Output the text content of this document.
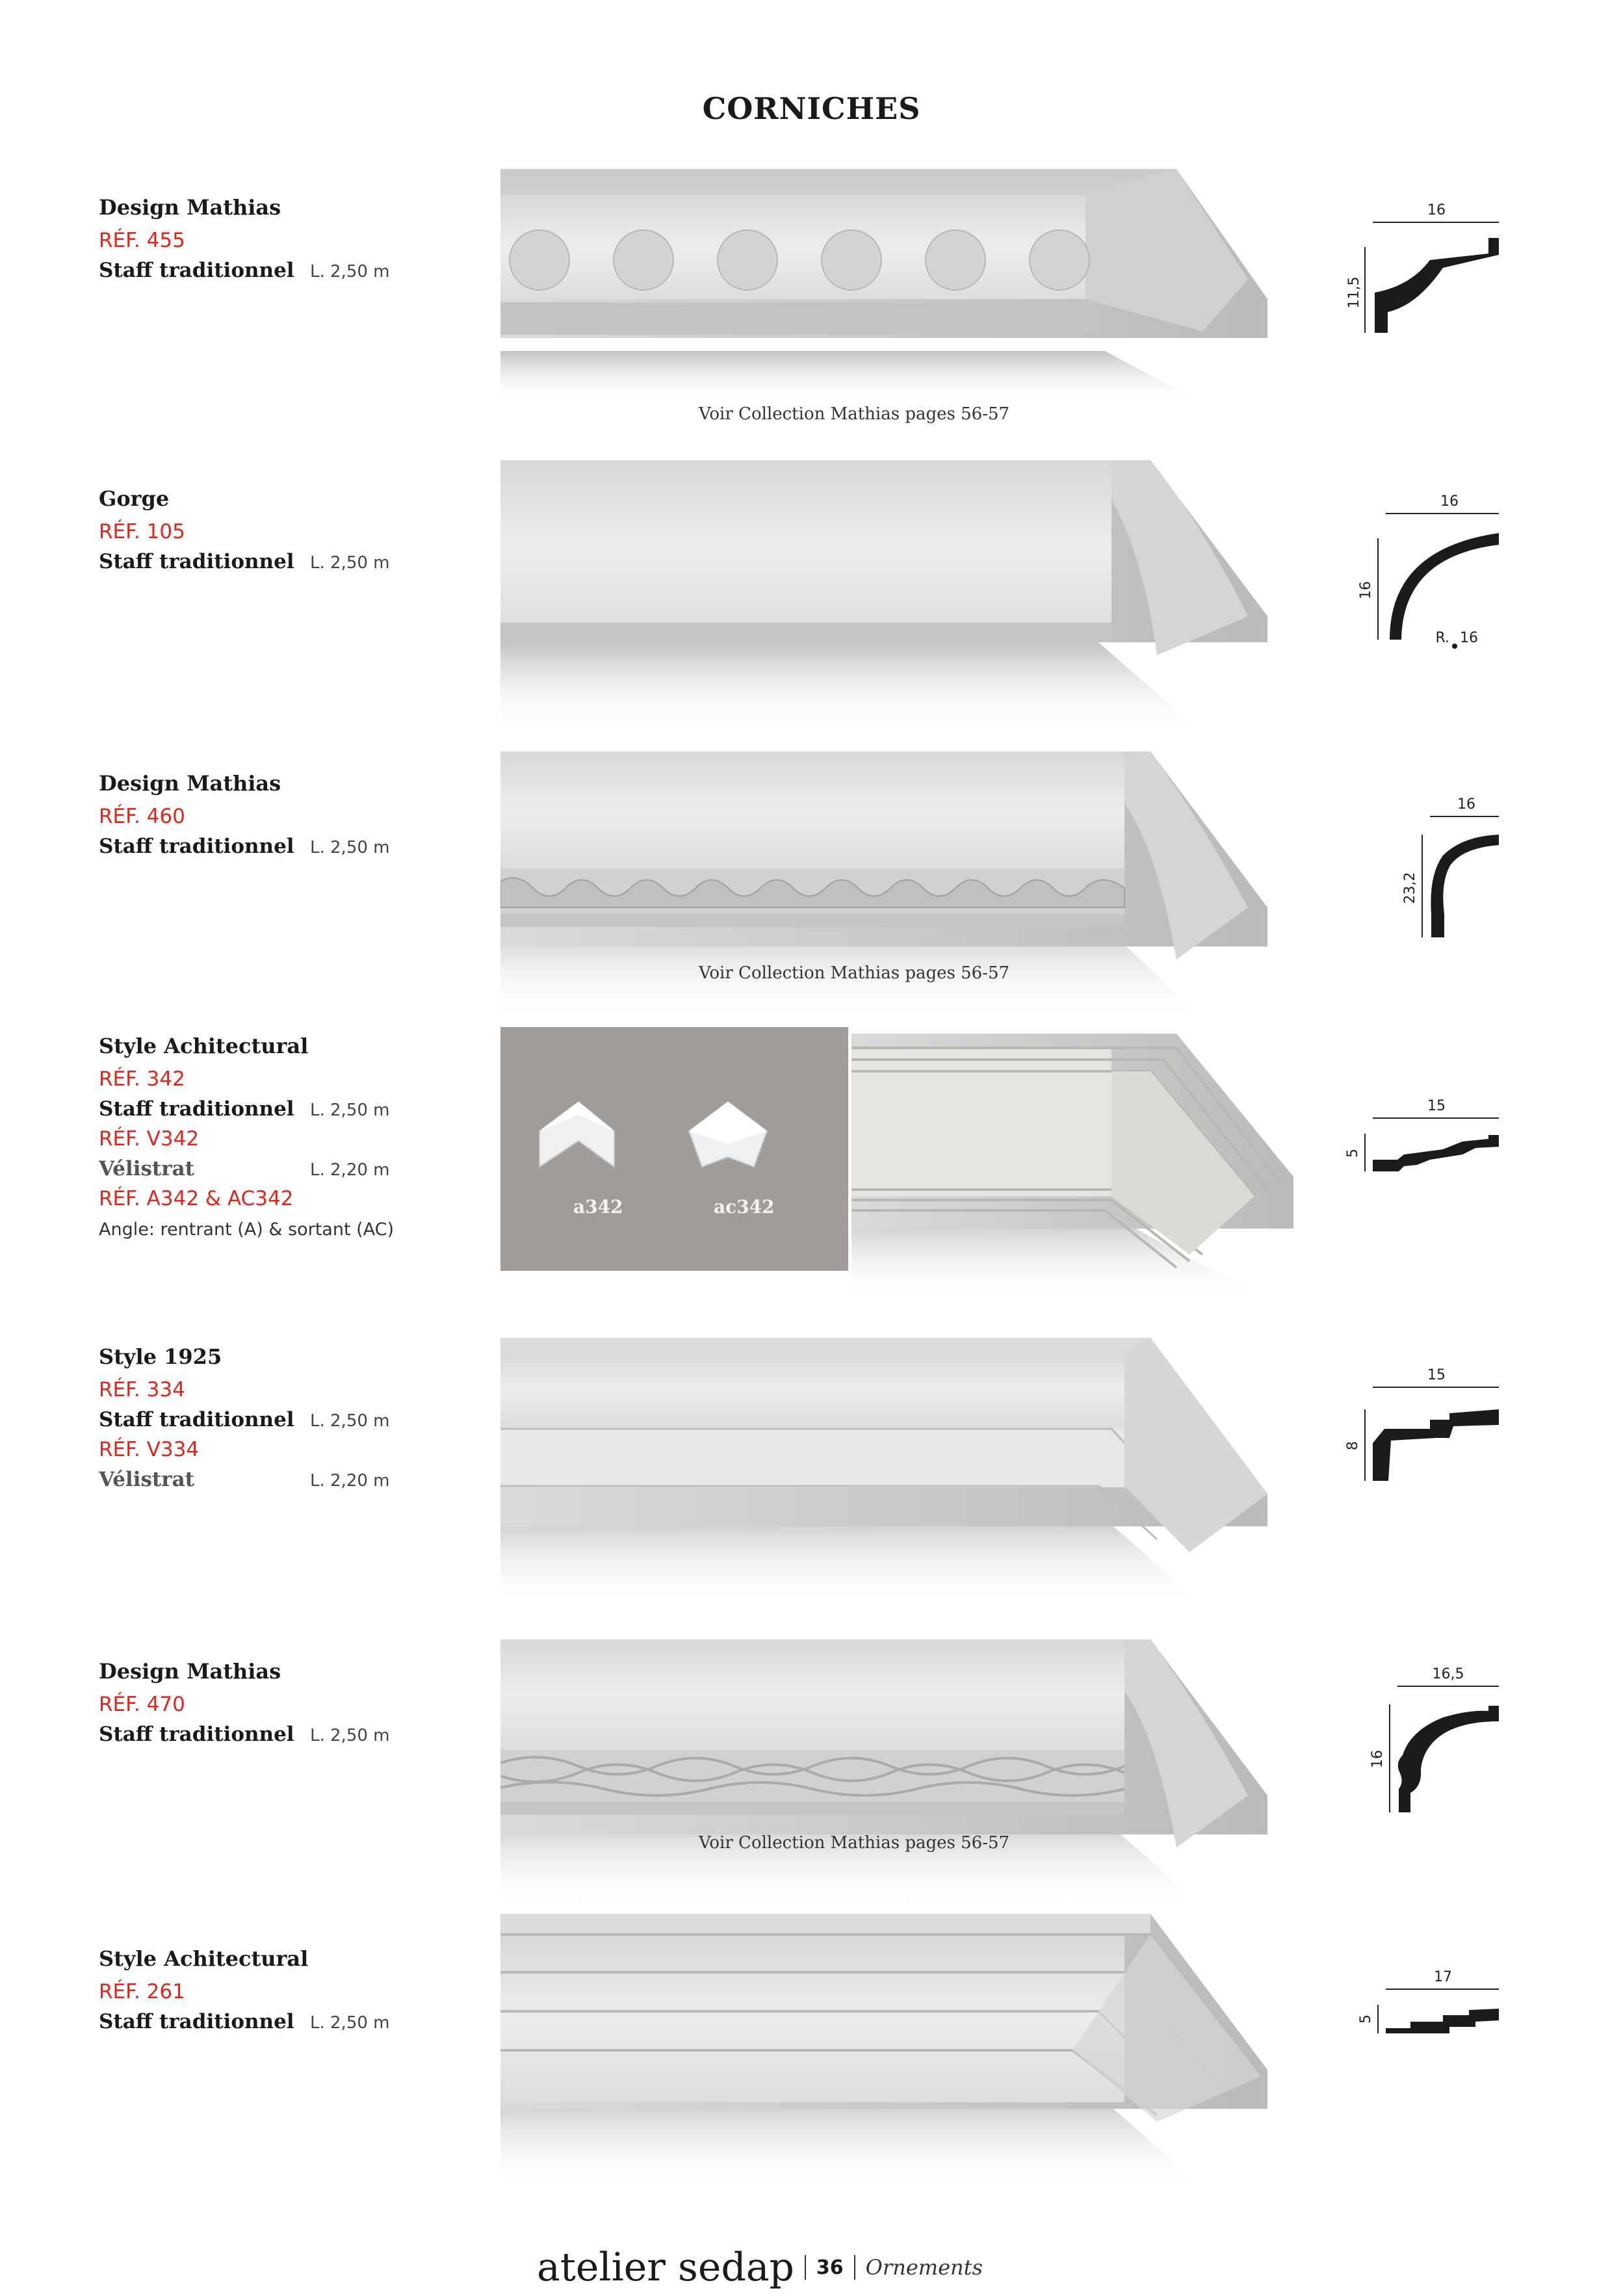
CORNICHES
Design Mathias
RÉF. 455
Staff traditionnel L. 2,50 m
Voir Collection Mathias pages 56-57
16
11,5
Gorge
RÉF. 105
Staff traditionnel L. 2,50 m
16
16
R. 16
Design Mathias
RÉF. 460
Staff traditionnel L. 2,50 m
Voir Collection Mathias pages 56-57
16
23,2
Style Achitectural
RÉF. 342
Staff traditionnel L. 2,50 m
RÉF. V342
Vélistrat	L. 2,20 m
RÉF. A342 & AC342
Angle: rentrant (A) & sortant (AC)
a342	ac342
15
5
Style 1925
RÉF. 334
Staff traditionnel L. 2,50 m
RÉF. V334
Vélistrat	L. 2,20 m
15
8
Design Mathias
RÉF. 470
Staff traditionnel L. 2,50 m
Voir Collection Mathias pages 56-57
16,5
16
Style Achitectural
RÉF. 261
Staff traditionnel L. 2,50 m
17
5
atelier sedap 36 Ornements
